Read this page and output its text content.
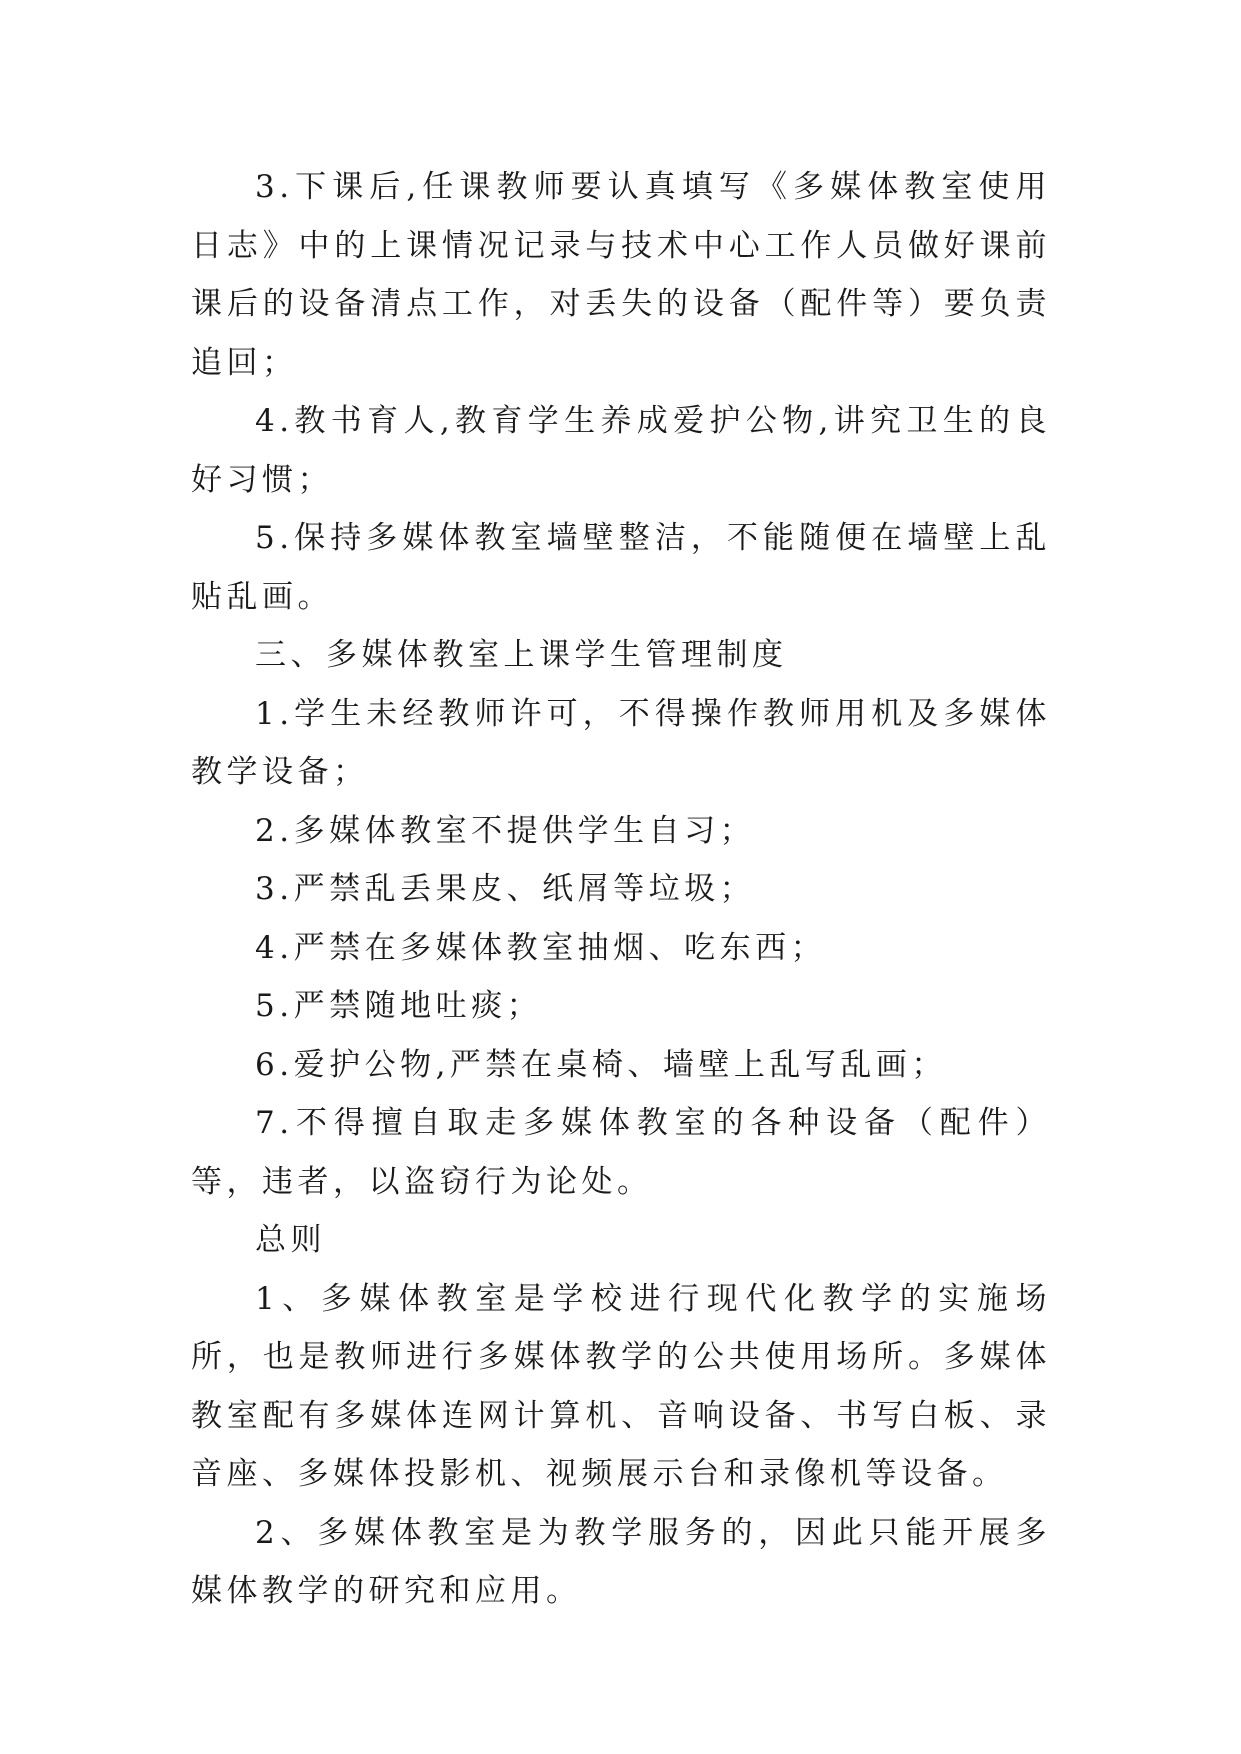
3.下课后,任课教师要认真填写《多媒体教室使用日志》中的上课情况记录与技术中心工作人员做好课前课后的设备清点工作，对丢失的设备（配件等）要负责追回；

4.教书育人,教育学生养成爱护公物,讲究卫生的良好习惯；

5.保持多媒体教室墙壁整洁，不能随便在墙壁上乱贴乱画。

三、多媒体教室上课学生管理制度

1.学生未经教师许可，不得操作教师用机及多媒体教学设备；

2.多媒体教室不提供学生自习；

3.严禁乱丢果皮、纸屑等垃圾；

4.严禁在多媒体教室抽烟、吃东西；

5.严禁随地吐痰；

6.爱护公物,严禁在桌椅、墙壁上乱写乱画；

7.不得擅自取走多媒体教室的各种设备（配件）等，违者，以盗窃行为论处。

总则

1、多媒体教室是学校进行现代化教学的实施场所，也是教师进行多媒体教学的公共使用场所。多媒体教室配有多媒体连网计算机、音响设备、书写白板、录音座、多媒体投影机、视频展示台和录像机等设备。

2、多媒体教室是为教学服务的，因此只能开展多媒体教学的研究和应用。
